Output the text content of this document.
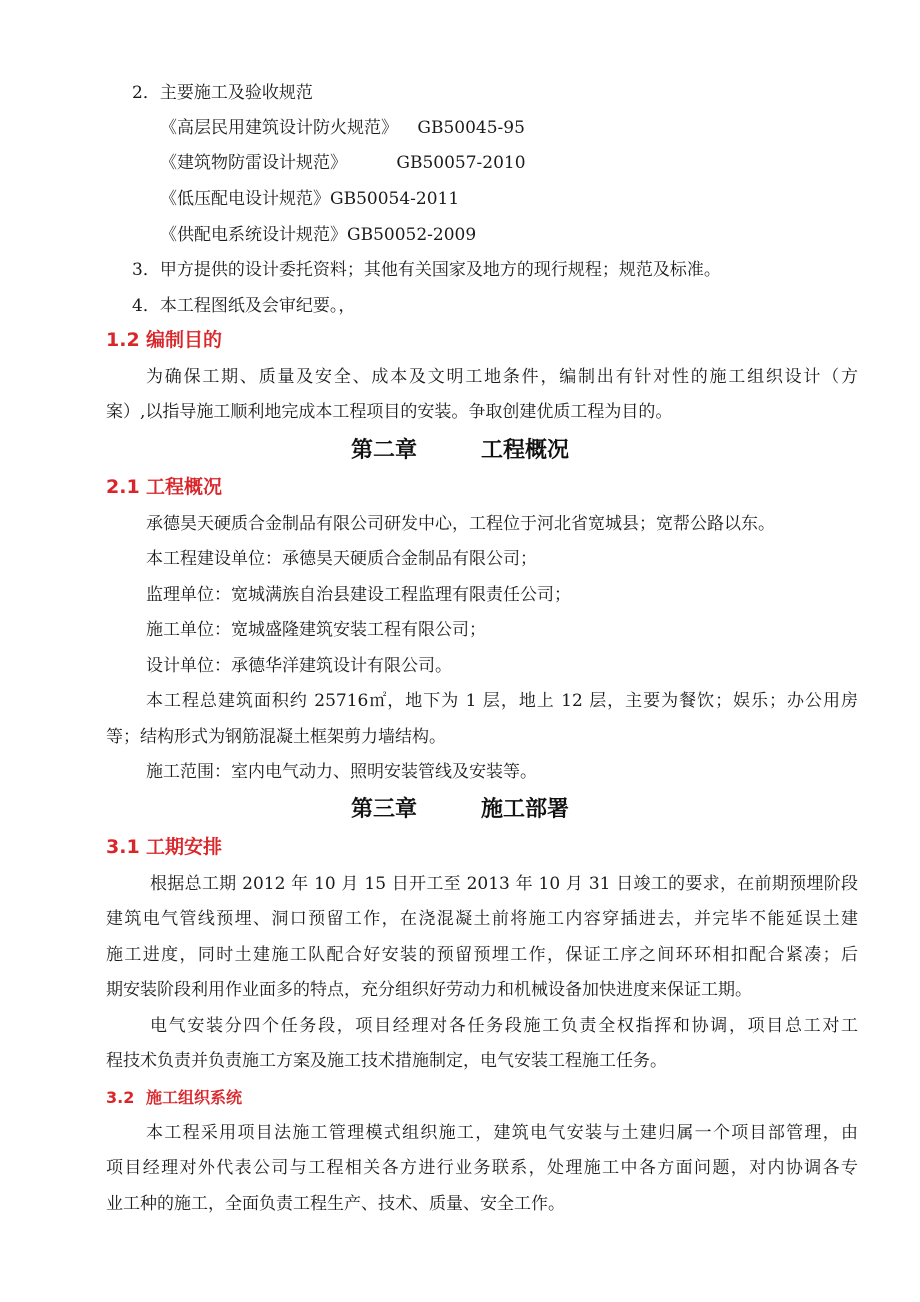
2．主要施工及验收规范
《高层民用建筑设计防火规范》 GB50045-95
《建筑物防雷设计规范》	GB50057-2010
《低压配电设计规范》GB50054-2011
《供配电系统设计规范》GB50052-2009
3．甲方提供的设计委托资料；其他有关国家及地方的现行规程；规范及标准。
4．本工程图纸及会审纪要。，
1.2 编制目的
为确保工期、质量及安全、成本及文明工地条件，编制出有针对性的施工组织设计（方
案）,以指导施工顺利地完成本工程项目的安装。争取创建优质工程为目的。
第二章	工程概况
2.1 工程概况
承德昊天硬质合金制品有限公司研发中心，工程位于河北省宽城县；宽帮公路以东。
本工程建设单位：承德昊天硬质合金制品有限公司；
监理单位：宽城满族自治县建设工程监理有限责任公司；
施工单位：宽城盛隆建筑安装工程有限公司；
设计单位：承德华洋建筑设计有限公司。
本工程总建筑面积约 25716㎡，地下为 1 层，地上 12 层，主要为餐饮；娱乐；办公用房
等；结构形式为钢筋混凝土框架剪力墙结构。
施工范围：室内电气动力、照明安装管线及安装等。
第三章	施工部署
3.1 工期安排
根据总工期 2012 年 10 月 15 日开工至 2013 年 10 月 31 日竣工的要求，在前期预埋阶段
建筑电气管线预埋、洞口预留工作，在浇混凝土前将施工内容穿插进去，并完毕不能延误土建
施工进度，同时土建施工队配合好安装的预留预埋工作，保证工序之间环环相扣配合紧凑；后
期安装阶段利用作业面多的特点，充分组织好劳动力和机械设备加快进度来保证工期。
电气安装分四个任务段，项目经理对各任务段施工负责全权指挥和协调，项目总工对工
程技术负责并负责施工方案及施工技术措施制定，电气安装工程施工任务。
3.2 施工组织系统
本工程采用项目法施工管理模式组织施工，建筑电气安装与土建归属一个项目部管理，由
项目经理对外代表公司与工程相关各方进行业务联系，处理施工中各方面问题，对内协调各专
业工种的施工，全面负责工程生产、技术、质量、安全工作。
